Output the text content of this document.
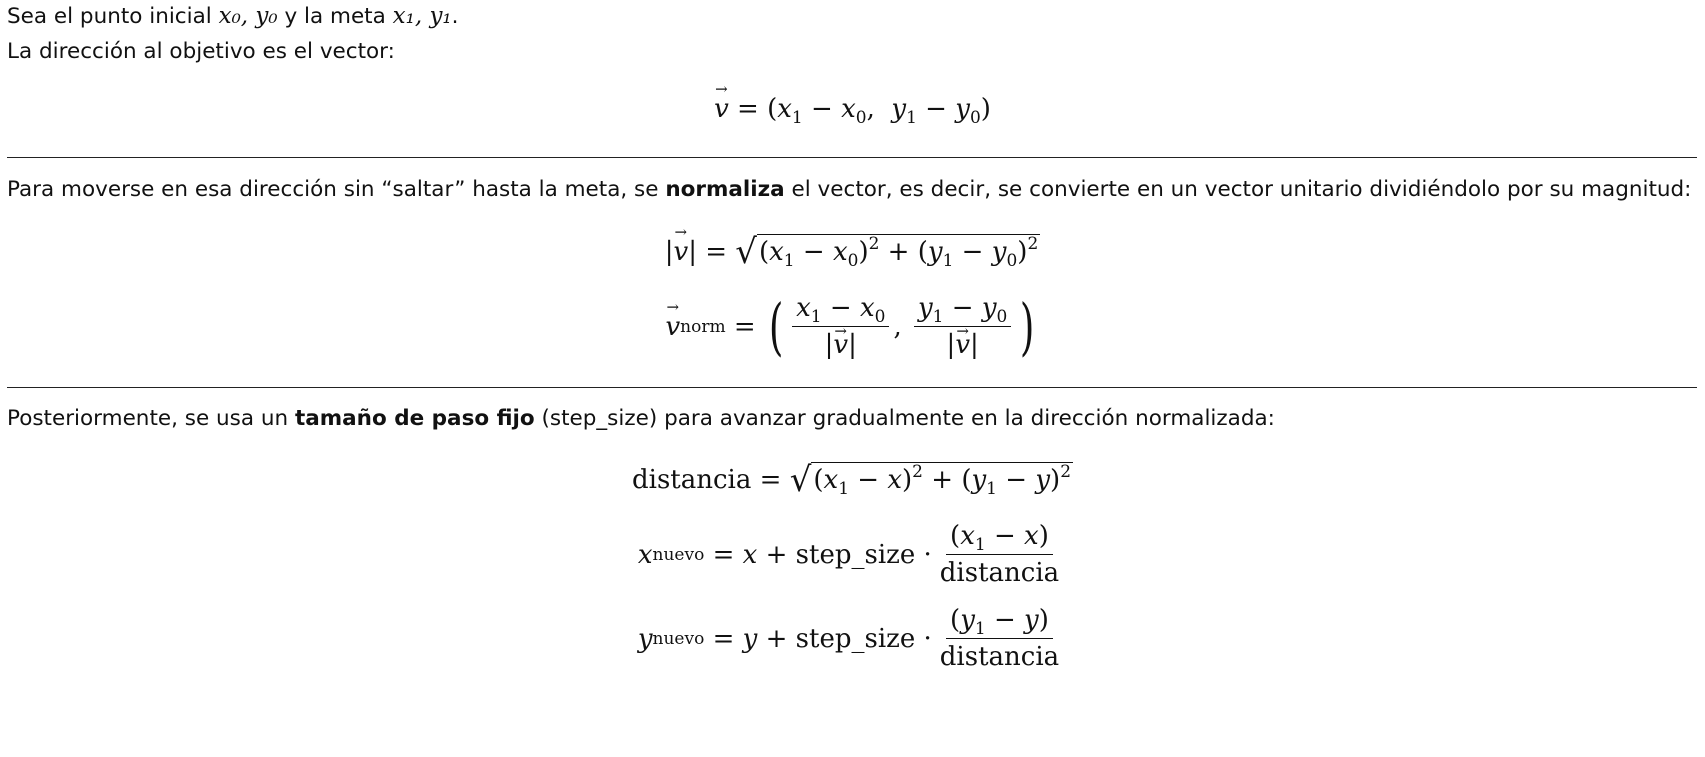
Sea el punto inicial x₀, y₀ y la meta x₁, y₁.
La dirección al objetivo es el vector:
→ $v = (x_1 - x_0$,  $y_1 - y_0$)
Para moverse en esa dirección sin “saltar” hasta la meta, se normaliza el vector, es decir, se convierte en un vector unitario dividiéndolo por su magnitud:
|→ $v| = √(x_1 - x_0)^2 + (y_1 - y_0)^2$
→ v norm = ( $\frac{x_1 - x_0}{|\to v|}$ , $\frac{y_1 - y_0}{|\to v|}$ )
Posteriormente, se usa un tamaño de paso fijo (step_size) para avanzar gradualmente en la dirección normalizada:
distancia = $√(x_1 - x)^2 + (y_1 - y)^2$
x nuevo = x + step_size · $\frac{(x_1 - x)}{\text{distancia}}$
y nuevo = y + step_size · $\frac{(y_1 - y)}{\text{distancia}}$
